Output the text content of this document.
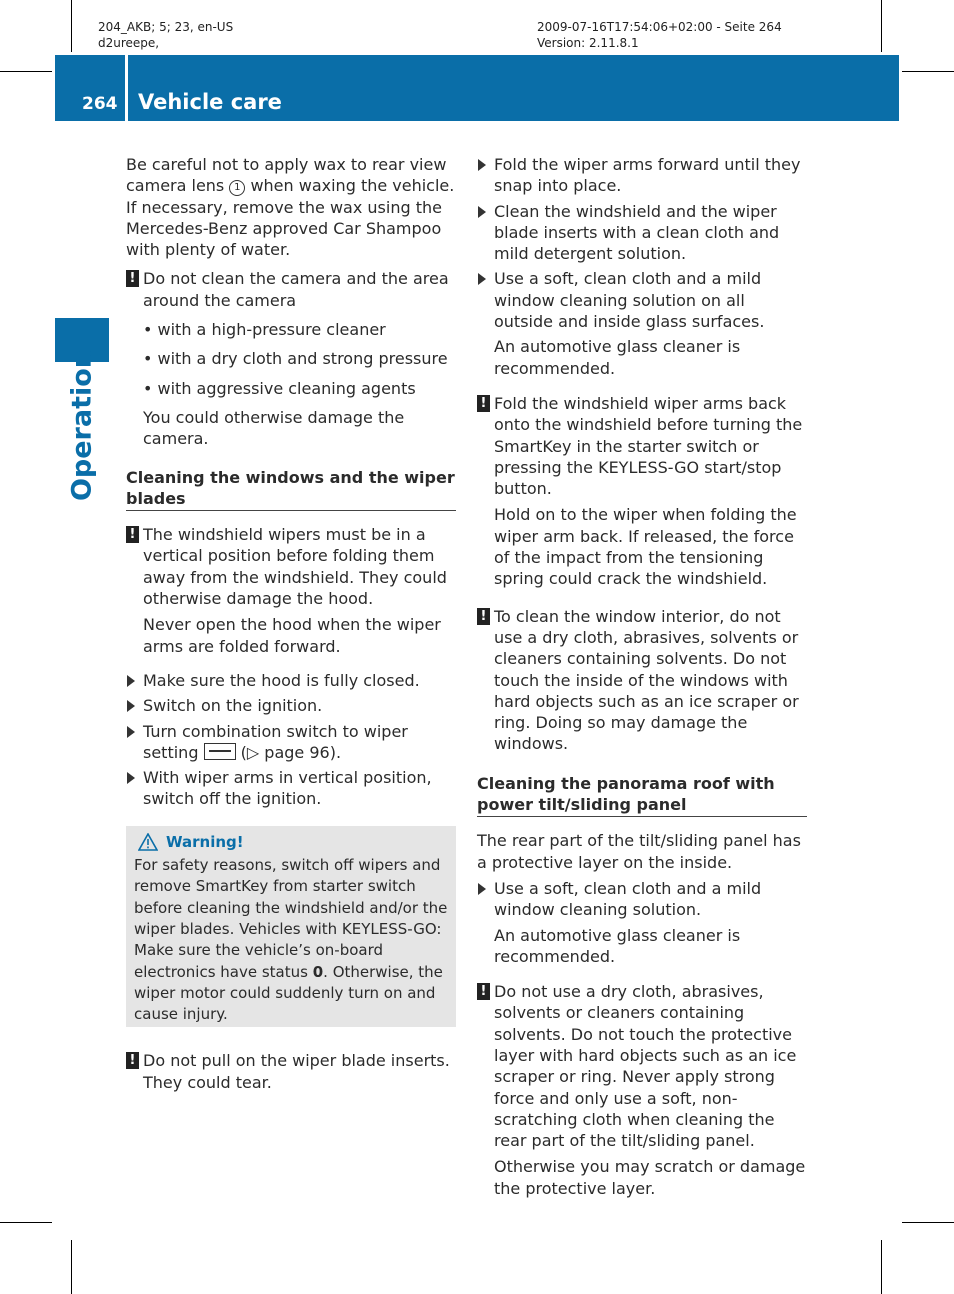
204_AKB; 5; 23, en-US
d2ureepe,
2009-07-16T17:54:06+02:00 - Seite 264
Version: 2.11.8.1
264 Vehicle care
Operation

Be careful not to apply wax to rear view camera lens 1 when waxing the vehicle. If necessary, remove the wax using the Mercedes-Benz approved Car Shampoo with plenty of water.

! Do not clean the camera and the area around the camera
• with a high-pressure cleaner
• with a dry cloth and strong pressure
• with aggressive cleaning agents

You could otherwise damage the camera.

Cleaning the windows and the wiper blades
! The windshield wipers must be in a vertical position before folding them away from the windshield. They could otherwise damage the hood.

Never open the hood when the wiper arms are folded forward.

Make sure the hood is fully closed.
Switch on the ignition.
Turn combination switch to wiper setting	(▷ page 96).
With wiper arms in vertical position, switch off the ignition.
Warning!
For safety reasons, switch off wipers and remove SmartKey from starter switch before cleaning the windshield and/or the wiper blades. Vehicles with KEYLESS-GO: Make sure the vehicle’s on-board electronics have status 0. Otherwise, the wiper motor could suddenly turn on and cause injury.
! Do not pull on the wiper blade inserts. They could tear.
Fold the wiper arms forward until they snap into place.
Clean the windshield and the wiper blade inserts with a clean cloth and mild detergent solution.
Use a soft, clean cloth and a mild window cleaning solution on all outside and inside glass surfaces.

An automotive glass cleaner is recommended.

! Fold the windshield wiper arms back onto the windshield before turning the SmartKey in the starter switch or pressing the KEYLESS-GO start/stop button.

Hold on to the wiper when folding the wiper arm back. If released, the force of the impact from the tensioning spring could crack the windshield.

! To clean the window interior, do not use a dry cloth, abrasives, solvents or cleaners containing solvents. Do not touch the inside of the windows with hard objects such as an ice scraper or ring. Doing so may damage the windows.
Cleaning the panorama roof with power tilt/sliding panel

The rear part of the tilt/sliding panel has a protective layer on the inside.

Use a soft, clean cloth and a mild window cleaning solution.

An automotive glass cleaner is recommended.

! Do not use a dry cloth, abrasives, solvents or cleaners containing solvents. Do not touch the protective layer with hard objects such as an ice scraper or ring. Never apply strong force and only use a soft, non-scratching cloth when cleaning the rear part of the tilt/sliding panel.

Otherwise you may scratch or damage the protective layer.
